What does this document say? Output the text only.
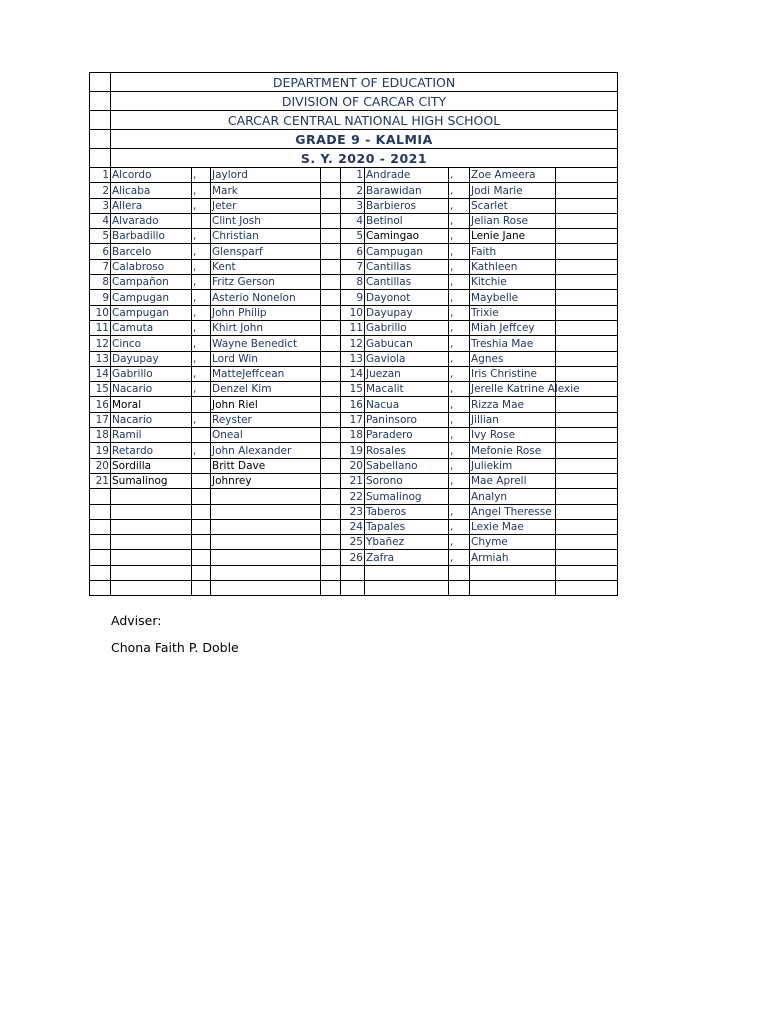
	DEPARTMENT OF EDUCATION								
	DIVISION OF CARCAR CITY								
	CARCAR CENTRAL NATIONAL HIGH SCHOOL								
	GRADE 9 - KALMIA								
	S. Y. 2020 - 2021								
1	Alcordo	,	Jaylord		1	Andrade	,	Zoe Ameera	
2	Alicaba	,	Mark		2	Barawidan	,	Jodi Marie	
3	Allera	,	Jeter		3	Barbieros	,	Scarlet	
4	Alvarado		Clint Josh		4	Betinol	,	Jelian Rose	
5	Barbadillo	,	Christian		5	Camingao	,	Lenie Jane	
6	Barcelo	,	Glensparf		6	Campugan	,	Faith	
7	Calabroso	,	Kent		7	Cantillas	,	Kathleen	
8	Campañon	,	Fritz Gerson		8	Cantillas	,	Kitchie	
9	Campugan	,	Asterio Nonelon		9	Dayonot	,	Maybelle	
10	Campugan	,	John Philip		10	Dayupay	,	Trixie	
11	Camuta	,	Khirt John		11	Gabrillo	,	Miah Jeffcey	
12	Cinco	,	Wayne Benedict		12	Gabucan	,	Treshia Mae	
13	Dayupay	,	Lord Win		13	Gaviola	,	Agnes	
14	Gabrillo	,	MatteJeffcean		14	Juezan	,	Iris Christine	
15	Nacario	,	Denzel Kim		15	Macalit	,	Jerelle Katrine Alexie	
16	Moral		John Riel		16	Nacua	,	Rizza Mae	
17	Nacario	,	Reyster		17	Paninsoro	,	Jillian	
18	Ramil		Oneal		18	Paradero	,	Ivy Rose	
19	Retardo	,	John Alexander		19	Rosales	,	Mefonie Rose	
20	Sordilla		Britt Dave		20	Sabellano	,	Juliekim	
21	Sumalinog		Johnrey		21	Sorono	,	Mae Aprell	
					22	Sumalinog		Analyn	
					23	Taberos	,	Angel Theresse	
					24	Tapales	,	Lexie Mae	
					25	Ybañez	,	Chyme	
					26	Zafra	,	Armiah	

Adviser:
Chona Faith P. Doble
